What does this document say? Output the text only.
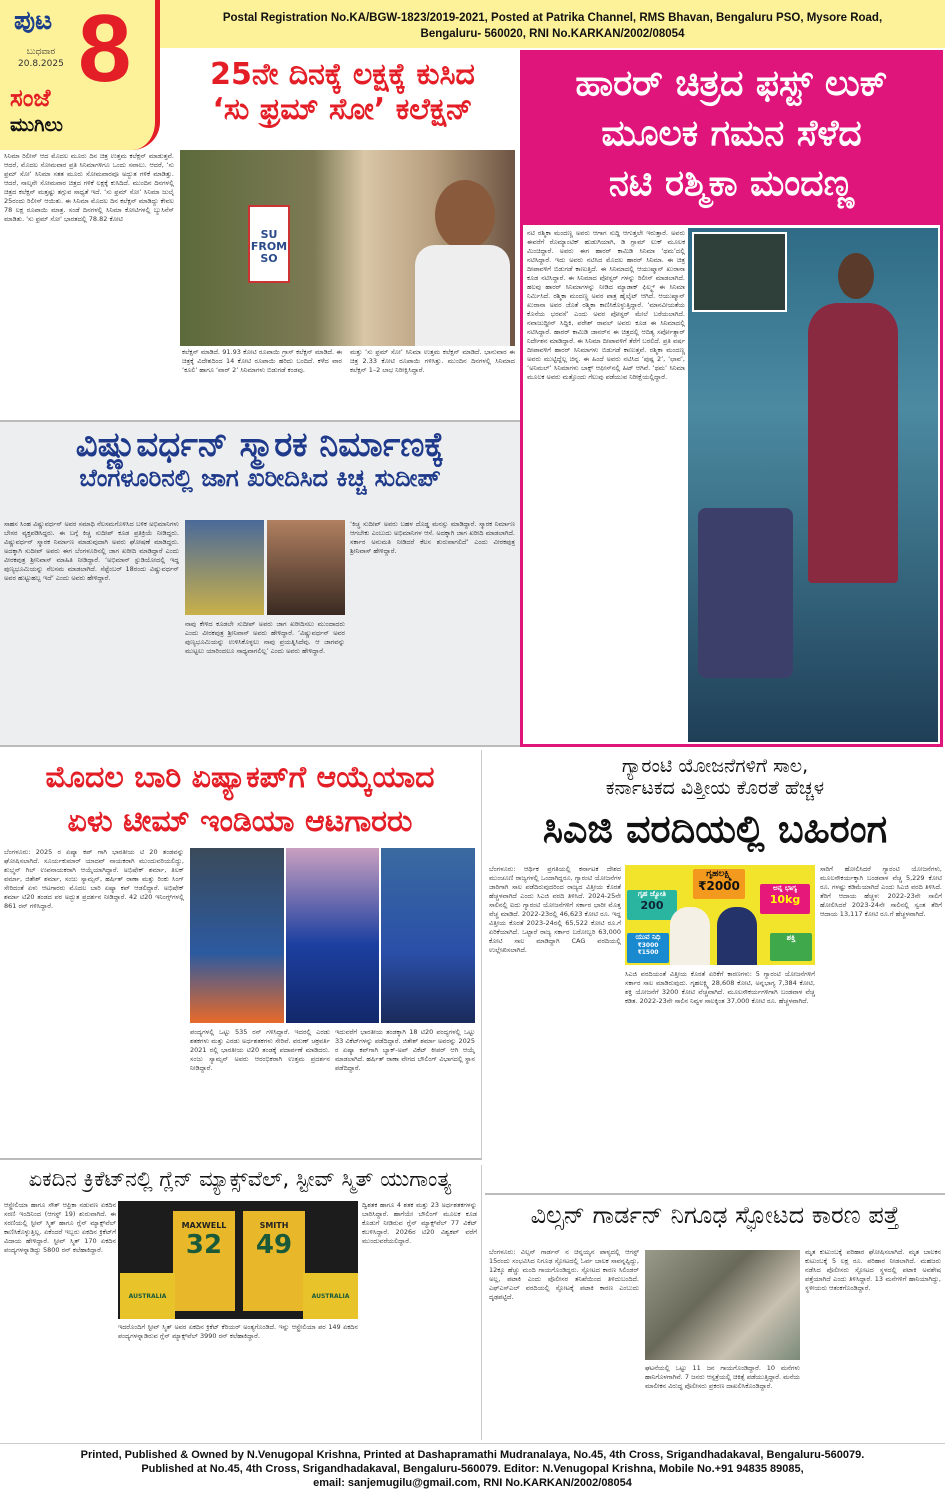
ಪುಟ
ಬುಧವಾರ
20.8.2025 8
ಸಂಜೆ
ಮುಗಿಲು
Postal Registration No.KA/BGW-1823/2019-2021, Posted at Patrika Channel, RMS Bhavan, Bengaluru PSO, Mysore Road,
Bengaluru- 560020, RNI No.KARKAN/2002/08054
25ನೇ ದಿನಕ್ಕೆ ಲಕ್ಷಕ್ಕೆ ಕುಸಿದ
‘ಸು ಫ್ರಮ್ ಸೋ’ ಕಲೆಕ್ಷನ್
SU FROM SO
ಸಿನಿಮಾ ರಿಲೀಸ್ ಆದ ಮೊದಲ ಮೂರು ದಿನ ಚಿತ್ರ ಉತ್ತಮ ಕಲೆಕ್ಷನ್ ಮಾಡುತ್ತವೆ. ಆದರೆ, ಮೊದಲ ಸೋಮವಾರ ಪ್ರತಿ ಸಿನಿಮಾಗಳಿಗೂ ಒಂದು ಸವಾಲು. ಆದರೆ, ‘ಸು ಫ್ರಮ್ ಸೋ’ ಸಿನಿಮಾ ಸತತ ಮೂರು ಸೋಮವಾರವೂ ಅದ್ಭುತ ಗಳಿಕೆ ಮಾಡಿತ್ತು. ಆದರೆ, ನಾಲ್ಕನೇ ಸೋಮವಾರ ಚಿತ್ರದ ಗಳಿಕೆ ಲಕ್ಷಕ್ಕೆ ಕುಸಿದಿದೆ. ಮುಂದಿನ ದಿನಗಳಲ್ಲಿ ಚಿತ್ರದ ಕಲೆಕ್ಷನ್ ಮತ್ತಷ್ಟು ತಗ್ಗುವ ಸಾಧ್ಯತೆ ಇದೆ. ‘ಸು ಫ್ರಮ್ ಸೋ’ ಸಿನಿಮಾ ಜುಲೈ 25ರಂದು ರಿಲೀಸ್ ಆಯಿತು. ಈ ಸಿನಿಮಾ ಮೊದಲ ದಿನ ಕಲೆಕ್ಷನ್ ಮಾಡಿದ್ದು ಕೇವಲ 78 ಲಕ್ಷ ರೂಪಾಯಿ ಮಾತ್ರ. ಸಂಡೆ ದಿನಗಳಲ್ಲಿ ಸಿನಿಮಾ ಕೋಟಿಗಳಲ್ಲಿ ಬ್ಯುಸಿನೆಸ್ ಮಾಡಿತು. 'ಸು ಫ್ರಮ್ ಸೋ' ಭಾರತದಲ್ಲಿ 78.82 ಕೋಟಿ
ಕಲೆಕ್ಷನ್ ಮಾಡಿದೆ. 91.93 ಕೋಟಿ ರೂಪಾಯಿ ಗ್ರಾಸ್ ಕಲೆಕ್ಷನ್ ಮಾಡಿದೆ. ಈ ಚಿತ್ರಕ್ಕೆ ವಿದೇಶದಿಂದ 14 ಕೋಟಿ ರೂಪಾಯಿ ಹರಿದು ಬಂದಿದೆ. ಕಳೆದ ವಾರ ‘ಕೂಲಿ’ ಹಾಗೂ ‘ವಾರ್ 2’ ಸಿನಿಮಾಗಳು ಬಿಡುಗಡೆ ಕಂಡವು.
ಮತ್ತು ‘ಸು ಫ್ರಮ್ ಸೋ’ ಸಿನಿಮಾ ಉತ್ತಮ ಕಲೆಕ್ಷನ್ ಮಾಡಿದೆ. ಭಾನುವಾರ ಈ ಚಿತ್ರ 2.33 ಕೋಟಿ ರೂಪಾಯಿ ಗಳಿಸಿತ್ತು. ಮುಂದಿನ ದಿನಗಳಲ್ಲಿ ಸಿನಿಮಾದ ಕಲೆಕ್ಷನ್ 1–2 ಲಾಭ ನಿರೀಕ್ಷಿಸಿದ್ದಾರೆ.
ಹಾರರ್ ಚಿತ್ರದ ಫಸ್ಟ್ ಲುಕ್
ಮೂಲಕ ಗಮನ ಸೆಳೆದ
ನಟಿ ರಶ್ಮಿಕಾ ಮಂದಣ್ಣ
ನಟಿ ರಶ್ಮಿಕಾ ಮಂದಣ್ಣ ಅವರು ಆಗಾಗ ಸುದ್ದಿ ಆಗುತ್ತಲೇ ಇರುತ್ತಾರೆ. ಅವರು ಈವರೆಗೆ ರೊಮ್ಯಾಂಟಿಕ್ ಹುಡುಗಿಯಾಗಿ, ಡಿ ಗ್ಲಾಮ್ ಲುಕ್ ಮೂಲಕ ಮಿಂಚಿದ್ದಾರೆ. ಅವರು ಈಗ ಹಾರರ್ ಕಾಮಿಡಿ ಸಿನಿಮಾ ‘ಥಮ’ದಲ್ಲಿ ನಟಿಸಿದ್ದಾರೆ. ಇದು ಅವರು ನಟಿಸಿದ ಮೊದಲ ಹಾರರ್ ಸಿನಿಮಾ. ಈ ಚಿತ್ರ ದೀಪಾವಳಿಗೆ ಬಿಡುಗಡೆ ಕಾಣುತ್ತಿದೆ. ಈ ಸಿನಿಮಾದಲ್ಲಿ ಆಯುಷ್ಮಾನ್ ಖುರಾನಾ ಕೂಡ ನಟಿಸಿದ್ದಾರೆ. ಈ ಸಿನಿಮಾದ ಪೋಸ್ಟರ್ ಗಳನ್ನು ರಿಲೀಸ್ ಮಾಡಲಾಗಿದೆ. ಹಲವು ಹಾರರ್ ಸಿನಿಮಾಗಳನ್ನು ನೀಡಿದ ಮ್ಯಾಡಾಕ್ ಫಿಲ್ಮ್ಸ್ ಈ ಸಿನಿಮಾ ನಿರ್ಮಿಸಿದೆ. ರಶ್ಮಿಕಾ ಮಂದಣ್ಣ ಅವರ ಪಾತ್ರ ಹೈಲೈಟ್ ಆಗಿದೆ. ಆಯುಷ್ಮಾನ್ ಖುರಾನಾ ಅವರ ಜೊತೆ ರಶ್ಮಿಕಾ ಕಾಣಿಸಿಕೊಳ್ಳುತ್ತಿದ್ದಾರೆ. ‘ಮಾನವೀಯತೆಯ ಕೊನೆಯ ಭರವಸೆ’ ಎಂದು ಅವರ ಪೋಸ್ಟರ್ ಮೇಲೆ ಬರೆಯಲಾಗಿದೆ. ನವಾಜುದ್ದೀನ್ ಸಿದ್ದಿಕಿ, ಪರೇಶ್ ರಾವಲ್ ಅವರು ಕೂಡ ಈ ಸಿನಿಮಾದಲ್ಲಿ ನಟಿಸಿದ್ದಾರೆ. ಹಾರರ್ ಕಾಮಿಡಿ ಜಾನರ್‌ನ ಈ ಚಿತ್ರದಲ್ಲಿ ಆದಿತ್ಯ ಸರ್ಪೋತ್ದಾರ್ ನಿರ್ದೇಶನ ಮಾಡಿದ್ದಾರೆ. ಈ ಸಿನಿಮಾ ದೀಪಾವಳಿಗೆ ತೆರೆಗೆ ಬರಲಿದೆ. ಪ್ರತಿ ವರ್ಷ ದೀಪಾವಳಿಗೆ ಹಾರರ್ ಸಿನಿಮಾಗಳು ಬಿಡುಗಡೆ ಕಾಣುತ್ತವೆ. ರಶ್ಮಿಕಾ ಮಂದಣ್ಣ ಅವರು ಮುಟ್ಟಿದ್ದೆಲ್ಲ ಚಿನ್ನ. ಈ ಹಿಂದೆ ಅವರು ನಟಿಸಿದ ‘ಪುಷ್ಪ 2’, ‘ಛಾವ’, ‘ಅನಿಮಲ್’ ಸಿನಿಮಾಗಳು ಬಾಕ್ಸ್ ಆಫೀಸ್‌ನಲ್ಲಿ ಹಿಟ್ ಆಗಿವೆ. ‘ಥಮ’ ಸಿನಿಮಾ ಮೂಲಕ ಅವರು ಮತ್ತೊಂದು ಗೆಲುವು ಪಡೆಯುವ ನಿರೀಕ್ಷೆಯಲ್ಲಿದ್ದಾರೆ.
ವಿಷ್ಣುವರ್ಧನ್ ಸ್ಮಾರಕ ನಿರ್ಮಾಣಕ್ಕೆ
ಬೆಂಗಳೂರಿನಲ್ಲಿ ಜಾಗ ಖರೀದಿಸಿದ ಕಿಚ್ಚ ಸುದೀಪ್
ಸಾಹಸ ಸಿಂಹ ವಿಷ್ಣುವರ್ಧನ್ ಅವರ ಸಮಾಧಿ ನೆಲಸಮಗೊಳಿಸಿದ ಬಳಿಕ ಅಭಿಮಾನಿಗಳು ಬೇಸರ ವ್ಯಕ್ತಪಡಿಸಿದ್ದರು. ಈ ಬಗ್ಗೆ ಕಿಚ್ಚ ಸುದೀಪ್ ಕೂಡ ಪ್ರತಿಕ್ರಿಯೆ ನೀಡಿದ್ದರು. ವಿಷ್ಣುವರ್ಧನ್ ಸ್ಮಾರಕ ನಿರ್ಮಾಣ ಮಾಡುವುದಾಗಿ ಅವರು ಘೋಷಣೆ ಮಾಡಿದ್ದರು. ಅದಕ್ಕಾಗಿ ಸುದೀಪ್ ಅವರು ಈಗ ಬೆಂಗಳೂರಿನಲ್ಲಿ ಜಾಗ ಖರೀದಿ ಮಾಡಿದ್ದಾರೆ ಎಂದು ವೀರಕಪುತ್ರ ಶ್ರೀನಿವಾಸ್ ಮಾಹಿತಿ ನೀಡಿದ್ದಾರೆ. ‘ಅಭಿಮಾನ್ ಸ್ಟುಡಿಯೋದಲ್ಲಿ ಇದ್ದ ಪುಣ್ಯಭೂಮಿಯನ್ನು ನೆಲಸಮ ಮಾಡಲಾಗಿದೆ. ಸೆಪ್ಟೆಂಬರ್ 18ರಂದು ವಿಷ್ಣುವರ್ಧನ್ ಅವರ ಹುಟ್ಟುಹಬ್ಬ ಇದೆ’ ಎಂದು ಅವರು ಹೇಳಿದ್ದಾರೆ.
ನಾವು ಕೇಳಿದ ಕೂಡಲೇ ಸುದೀಪ್ ಅವರು ಜಾಗ ಖರೀದಿಸಲು ಮುಂದಾದರು ಎಂದು ವೀರಕಪುತ್ರ ಶ್ರೀನಿವಾಸ್ ಅವರು ಹೇಳಿದ್ದಾರೆ. ‘ವಿಷ್ಣುವರ್ಧನ್ ಅವರ ಪುಣ್ಯಭೂಮಿಯನ್ನು ಉಳಿಸಿಕೊಳ್ಳಲು ನಾವು ಪ್ರಯತ್ನಿಸಿದೆವು. ಆ ಜಾಗವನ್ನು ಮುಟ್ಟಲು ಯಾರಿಂದಲೂ ಸಾಧ್ಯವಾಗಲಿಲ್ಲ’ ಎಂದು ಅವರು ಹೇಳಿದ್ದಾರೆ.
‘ಕಿಚ್ಚ ಸುದೀಪ್ ಅವರು ಬಹಳ ದೊಡ್ಡ ಮನಸ್ಸು ಮಾಡಿದ್ದಾರೆ. ಸ್ಮಾರಕ ನಿರ್ಮಾಣ ಆಗಬೇಕು ಎಂಬುದು ಅಭಿಮಾನಿಗಳ ಆಸೆ. ಅದಕ್ಕಾಗಿ ಜಾಗ ಖರೀದಿ ಮಾಡಲಾಗಿದೆ. ಸರ್ಕಾರ ಅನುಮತಿ ನೀಡಿದರೆ ಕೆಲಸ ಶುರುವಾಗಲಿದೆ’ ಎಂದು ವೀರಕಪುತ್ರ ಶ್ರೀನಿವಾಸ್ ಹೇಳಿದ್ದಾರೆ.
ಮೊದಲ ಬಾರಿ ಏಷ್ಯಾಕಪ್‌ಗೆ ಆಯ್ಕೆಯಾದ
ಏಳು ಟೀಮ್ ಇಂಡಿಯಾ ಆಟಗಾರರು
ಬೆಂಗಳೂರು: 2025 ರ ಏಷ್ಯಾ ಕಪ್ ಗಾಗಿ ಭಾರತೀಯ ಟಿ 20 ತಂಡವನ್ನು ಘೋಷಿಸಲಾಗಿದೆ. ಸೂರ್ಯಕುಮಾರ್ ಯಾದವ್ ನಾಯಕರಾಗಿ ಮುಂದುವರಿಯಲಿದ್ದು, ಶುಭ್ಮನ್ ಗಿಲ್ ಉಪನಾಯಕರಾಗಿ ಆಯ್ಕೆಯಾಗಿದ್ದಾರೆ. ಅಭಿಷೇಕ್ ಶರ್ಮಾ, ತಿಲಕ್ ವರ್ಮಾ, ಜಿತೇಶ್ ಶರ್ಮಾ, ಸಂಜು ಸ್ಯಾಮ್ಸನ್, ಹರ್ಷಿತ್ ರಾಣಾ ಮತ್ತು ರಿಂಕು ಸಿಂಗ್ ಸೇರಿದಂತೆ ಏಳು ಆಟಗಾರರು ಮೊದಲ ಬಾರಿ ಏಷ್ಯಾ ಕಪ್ ಆಡಲಿದ್ದಾರೆ. ಅಭಿಷೇಕ್ ಶರ್ಮಾ ಟಿ20 ತಂಡದ ಪರ ಅದ್ಭುತ ಪ್ರದರ್ಶನ ನೀಡಿದ್ದಾರೆ. 42 ಟಿ20 ಇನಿಂಗ್ಸ್‌ಗಳಲ್ಲಿ 861 ರನ್ ಗಳಿಸಿದ್ದಾರೆ.
ಪಂದ್ಯಗಳಲ್ಲಿ ಒಟ್ಟು 535 ರನ್ ಗಳಿಸಿದ್ದಾರೆ. ಇದರಲ್ಲಿ ಎರಡು ಶತಕಗಳು ಮತ್ತು ಎರಡು ಅರ್ಧಶತಕಗಳು ಸೇರಿವೆ. ವರುಣ್ ಚಕ್ರವರ್ತಿ 2021 ರಲ್ಲಿ ಭಾರತೀಯ ಟಿ20 ತಂಡಕ್ಕೆ ಪದಾರ್ಪಣೆ ಮಾಡಿದರು. ಸಂಜು ಸ್ಯಾಮ್ಸನ್ ಅವರು ಆರಂಭಿಕರಾಗಿ ಉತ್ತಮ ಪ್ರದರ್ಶನ ನೀಡಿದ್ದಾರೆ.
ಇದುವರೆಗೆ ಭಾರತೀಯ ತಂಡಕ್ಕಾಗಿ 18 ಟಿ20 ಪಂದ್ಯಗಳಲ್ಲಿ ಒಟ್ಟು 33 ವಿಕೆಟ್‌ಗಳನ್ನು ಪಡೆದಿದ್ದಾರೆ. ಜಿತೇಶ್ ಶರ್ಮಾ ಅವರನ್ನು 2025 ರ ಏಷ್ಯಾ ಕಪ್‌ಗಾಗಿ ಬ್ಯಾಕ್-ಅಪ್ ವಿಕೆಟ್ ಕೀಪರ್ ಆಗಿ ಆಯ್ಕೆ ಮಾಡಲಾಗಿದೆ. ಹರ್ಷಿತ್ ರಾಣಾ ವೇಗದ ಬೌಲಿಂಗ್ ವಿಭಾಗದಲ್ಲಿ ಸ್ಥಾನ ಪಡೆದಿದ್ದಾರೆ.
ಗ್ಯಾರಂಟಿ ಯೋಜನೆಗಳಿಗೆ ಸಾಲ,
ಕರ್ನಾಟಕದ ವಿತ್ತೀಯ ಕೊರತೆ ಹೆಚ್ಚಳ
ಸಿಎಜಿ ವರದಿಯಲ್ಲಿ ಬಹಿರಂಗ
ಬೆಂಗಳೂರು: ಆರ್ಥಿಕ ಪ್ರಗತಿಯಲ್ಲಿ ಕರ್ನಾಟಕ ದೇಶದ ಮುಂಚೂಣಿ ರಾಜ್ಯಗಳಲ್ಲಿ ಒಂದಾಗಿದ್ದರೂ, ಗ್ಯಾರಂಟಿ ಯೋಜನೆಗಳ ಜಾರಿಗಾಗಿ ಸಾಲ ಪಡೆದಿರುವುದರಿಂದ ರಾಜ್ಯದ ವಿತ್ತೀಯ ಕೊರತೆ ಹೆಚ್ಚಳವಾಗಿದೆ ಎಂದು ಸಿಎಜಿ ವರದಿ ತಿಳಿಸಿದೆ. 2024-25ನೇ ಸಾಲಿನಲ್ಲಿ ಐದು ಗ್ಯಾರಂಟಿ ಯೋಜನೆಗಳಿಗೆ ಸರ್ಕಾರ ಭಾರೀ ಮೊತ್ತ ವೆಚ್ಚ ಮಾಡಿದೆ. 2022-23ರಲ್ಲಿ 46,623 ಕೋಟಿ ರೂ. ಇದ್ದ ವಿತ್ತೀಯ ಕೊರತೆ 2023-24ರಲ್ಲಿ 65,522 ಕೋಟಿ ರೂ.ಗೆ ಏರಿಕೆಯಾಗಿದೆ. ಒಟ್ಟಾರೆ ರಾಜ್ಯ ಸರ್ಕಾರ ಬರೋಬ್ಬರಿ 63,000 ಕೋಟಿ ಸಾಲ ಮಾಡಿದ್ದಾಗಿ CAG ವರದಿಯಲ್ಲಿ ಉಲ್ಲೇಖಿಸಲಾಗಿದೆ.
ಗೃಹಲಕ್ಷ್ಮಿ
₹2000
ಗೃಹ ಜ್ಯೋತಿ
200
ಅನ್ನ ಭಾಗ್ಯ
10kg
ಯುವ ನಿಧಿ
₹3000 ₹1500
ಶಕ್ತಿ
ಸಿಎಜಿ ವರದಿಯಂತೆ ವಿತ್ತೀಯ ಕೊರತೆ ಏರಿಕೆಗೆ ಕಾರಣಗಳು: 5 ಗ್ಯಾರಂಟಿ ಯೋಜನೆಗಳಿಗೆ ಸರ್ಕಾರ ಸಾಲ ಮಾಡಿರುವುದು. ಗೃಹಲಕ್ಷ್ಮಿ 28,608 ಕೋಟಿ, ಅನ್ನಭಾಗ್ಯ 7,384 ಕೋಟಿ, ಶಕ್ತಿ ಯೋಜನೆಗೆ 3200 ಕೋಟಿ ವೆಚ್ಚವಾಗಿದೆ. ಮೂಲಸೌಕರ್ಯಗಳಿಗಾಗಿ ಬಂಡವಾಳ ವೆಚ್ಚ ಕಡಿತ. 2022-23ನೇ ಸಾಲಿನ ನಿವ್ವಳ ಸಾಲಕ್ಕಿಂತ 37,000 ಕೋಟಿ ರೂ. ಹೆಚ್ಚಳವಾಗಿದೆ.
ಸಾರಿಗೆ ಹೋಲಿಸಿದರೆ ಗ್ಯಾರಂಟಿ ಯೋಜನೆಗಳು, ಮೂಲಸೌಕರ್ಯಕ್ಕಾಗಿ ಬಂಡವಾಳ ವೆಚ್ಚ 5,229 ಕೋಟಿ ರೂ. ಗಳಷ್ಟು ಕಡಿಮೆಯಾಗಿದೆ ಎಂದು ಸಿಎಜಿ ವರದಿ ತಿಳಿಸಿದೆ. ತೆರಿಗೆ ಆದಾಯ ಹೆಚ್ಚಳ: 2022-23ನೇ ಸಾಲಿಗೆ ಹೋಲಿಸಿದರೆ 2023-24ನೇ ಸಾಲಿನಲ್ಲಿ ಸ್ವಂತ ತೆರಿಗೆ ಆದಾಯ 13,117 ಕೋಟಿ ರೂ.ಗೆ ಹೆಚ್ಚಳವಾಗಿದೆ.
ಏಕದಿನ ಕ್ರಿಕೆಟ್‌ನಲ್ಲಿ ಗ್ಲೆನ್ ಮ್ಯಾಕ್ಸ್‌ವೆಲ್, ಸ್ಟೀವ್ ಸ್ಮಿತ್ ಯುಗಾಂತ್ಯ
ಆಸ್ಟ್ರೇಲಿಯಾ ಹಾಗೂ ಸೌತ್ ಆಫ್ರಿಕಾ ನಡುವಣ ಏಕದಿನ ಸರಣಿ ಇಂದಿನಿಂದ (ಆಗಸ್ಟ್ 19) ಶುರುವಾಗಿದೆ. ಈ ಸರಣಿಯಲ್ಲಿ ಸ್ಟೀವ್ ಸ್ಮಿತ್ ಹಾಗೂ ಗ್ಲೆನ್ ಮ್ಯಾಕ್ಸ್‌ವೆಲ್ ಕಾಣಿಸಿಕೊಳ್ಳುತ್ತಿಲ್ಲ. ಏಕೆಂದರೆ ಇಬ್ಬರು ಏಕದಿನ ಕ್ರಿಕೆಟ್‌ಗೆ ವಿದಾಯ ಹೇಳಿದ್ದಾರೆ. ಸ್ಟೀವ್ ಸ್ಮಿತ್ 170 ಏಕದಿನ ಪಂದ್ಯಗಳನ್ನಾಡಿದ್ದು 5800 ರನ್ ಕಲೆಹಾಕಿದ್ದಾರೆ.
MAXWELL
32
SMITH
49
AUSTRALIA	AUSTRALIA
ಇದರೊಂದಿಗೆ ಸ್ಟೀವ್ ಸ್ಮಿತ್ ಅವರ ಏಕದಿನ ಕ್ರಿಕೆಟ್ ಕೆರಿಯರ್ ಅಂತ್ಯಗೊಂಡಿದೆ. ಇನ್ನು ಆಸ್ಟ್ರೇಲಿಯಾ ಪರ 149 ಏಕದಿನ ಪಂದ್ಯಗಳನ್ನಾಡಿರುವ ಗ್ಲೆನ್ ಮ್ಯಾಕ್ಸ್‌ವೆಲ್ 3990 ರನ್ ಕಲೆಹಾಕಿದ್ದಾರೆ.
ದ್ವಿಶತಕ ಹಾಗೂ 4 ಶತಕ ಮತ್ತು 23 ಅರ್ಧಶತಕಗಳನ್ನು ಬಾರಿಸಿದ್ದಾರೆ. ಹಾಗೆಯೇ ಬೌಲಿಂಗ್ ಮೂಲಕ ಕೂಡ ಕೊಡುಗೆ ನೀಡಿರುವ ಗ್ಲೆನ್ ಮ್ಯಾಕ್ಸ್‌ವೆಲ್ 77 ವಿಕೆಟ್ ಕಬಳಿಸಿದ್ದಾರೆ. 2026ರ ಟಿ20 ವಿಶ್ವಕಪ್ ವರೆಗೆ ಮುಂದುವರೆಯಲಿದ್ದಾರೆ.
ವಿಲ್ಸನ್ ಗಾರ್ಡನ್ ನಿಗೂಢ ಸ್ಫೋಟದ ಕಾರಣ ಪತ್ತೆ
ಬೆಂಗಳೂರು: ವಿಲ್ಸನ್ ಗಾರ್ಡನ್ ನ ಚಿನ್ನಯ್ಯನ ಪಾಳ್ಯದಲ್ಲಿ ಆಗಸ್ಟ್ 15ರಂದು ಸಂಭವಿಸಿದ ನಿಗೂಢ ಸ್ಫೋಟದಲ್ಲಿ ಓರ್ವ ಬಾಲಕ ಸಾವನ್ನಪ್ಪಿದ್ದು, 12ಕ್ಕೂ ಹೆಚ್ಚು ಮಂದಿ ಗಾಯಗೊಂಡಿದ್ದರು. ಸ್ಫೋಟದ ಕಾರಣ ಸಿಲಿಂಡರ್ ಅಲ್ಲ, ಪಟಾಕಿ ಎಂದು ಪೊಲೀಸರ ತನಿಖೆಯಿಂದ ತಿಳಿದುಬಂದಿದೆ. ಎಫ್‌ಎಸ್‌ಎಲ್ ವರದಿಯಲ್ಲಿ ಸ್ಫೋಟಕ್ಕೆ ಪಟಾಕಿ ಕಾರಣ ಎಂಬುದು ದೃಢಪಟ್ಟಿದೆ.
ಘಟನೆಯಲ್ಲಿ ಒಟ್ಟು 11 ಜನ ಗಾಯಗೊಂಡಿದ್ದಾರೆ. 10 ಮನೆಗಳು ಹಾನಿಗೊಳಗಾಗಿವೆ. 7 ಜನರು ಆಸ್ಪತ್ರೆಯಲ್ಲಿ ಚಿಕಿತ್ಸೆ ಪಡೆಯುತ್ತಿದ್ದಾರೆ. ಮನೆಯ ಮಾಲೀಕನ ವಿರುದ್ಧ ಪೊಲೀಸರು ಪ್ರಕರಣ ದಾಖಲಿಸಿಕೊಂಡಿದ್ದಾರೆ.
ಮೃತ ಕುಟುಂಬಕ್ಕೆ ಪರಿಹಾರ ಘೋಷಿಸಲಾಗಿದೆ. ಮೃತ ಬಾಲಕನ ಕುಟುಂಬಕ್ಕೆ 5 ಲಕ್ಷ ರೂ. ಪರಿಹಾರ ನೀಡಲಾಗಿದೆ. ಮಹಜರು ನಡೆಸಿದ ಪೊಲೀಸರು ಸ್ಫೋಟದ ಸ್ಥಳದಲ್ಲಿ ಪಟಾಕಿ ಅವಶೇಷ ಪತ್ತೆಯಾಗಿದೆ ಎಂದು ತಿಳಿಸಿದ್ದಾರೆ. 13 ಮನೆಗಳಿಗೆ ಹಾನಿಯಾಗಿದ್ದು, ಸ್ಥಳೀಯರು ಆತಂಕಗೊಂಡಿದ್ದಾರೆ.
Printed, Published & Owned by N.Venugopal Krishna, Printed at Dashapramathi Mudranalaya, No.45, 4th Cross, Srigandhadakaval, Bengaluru-560079.
Published at No.45, 4th Cross, Srigandhadakaval, Bengaluru-560079. Editor: N.Venugopal Krishna, Mobile No.+91 94835 89085,
email: sanjemugilu@gmail.com, RNI No.KARKAN/2002/08054
